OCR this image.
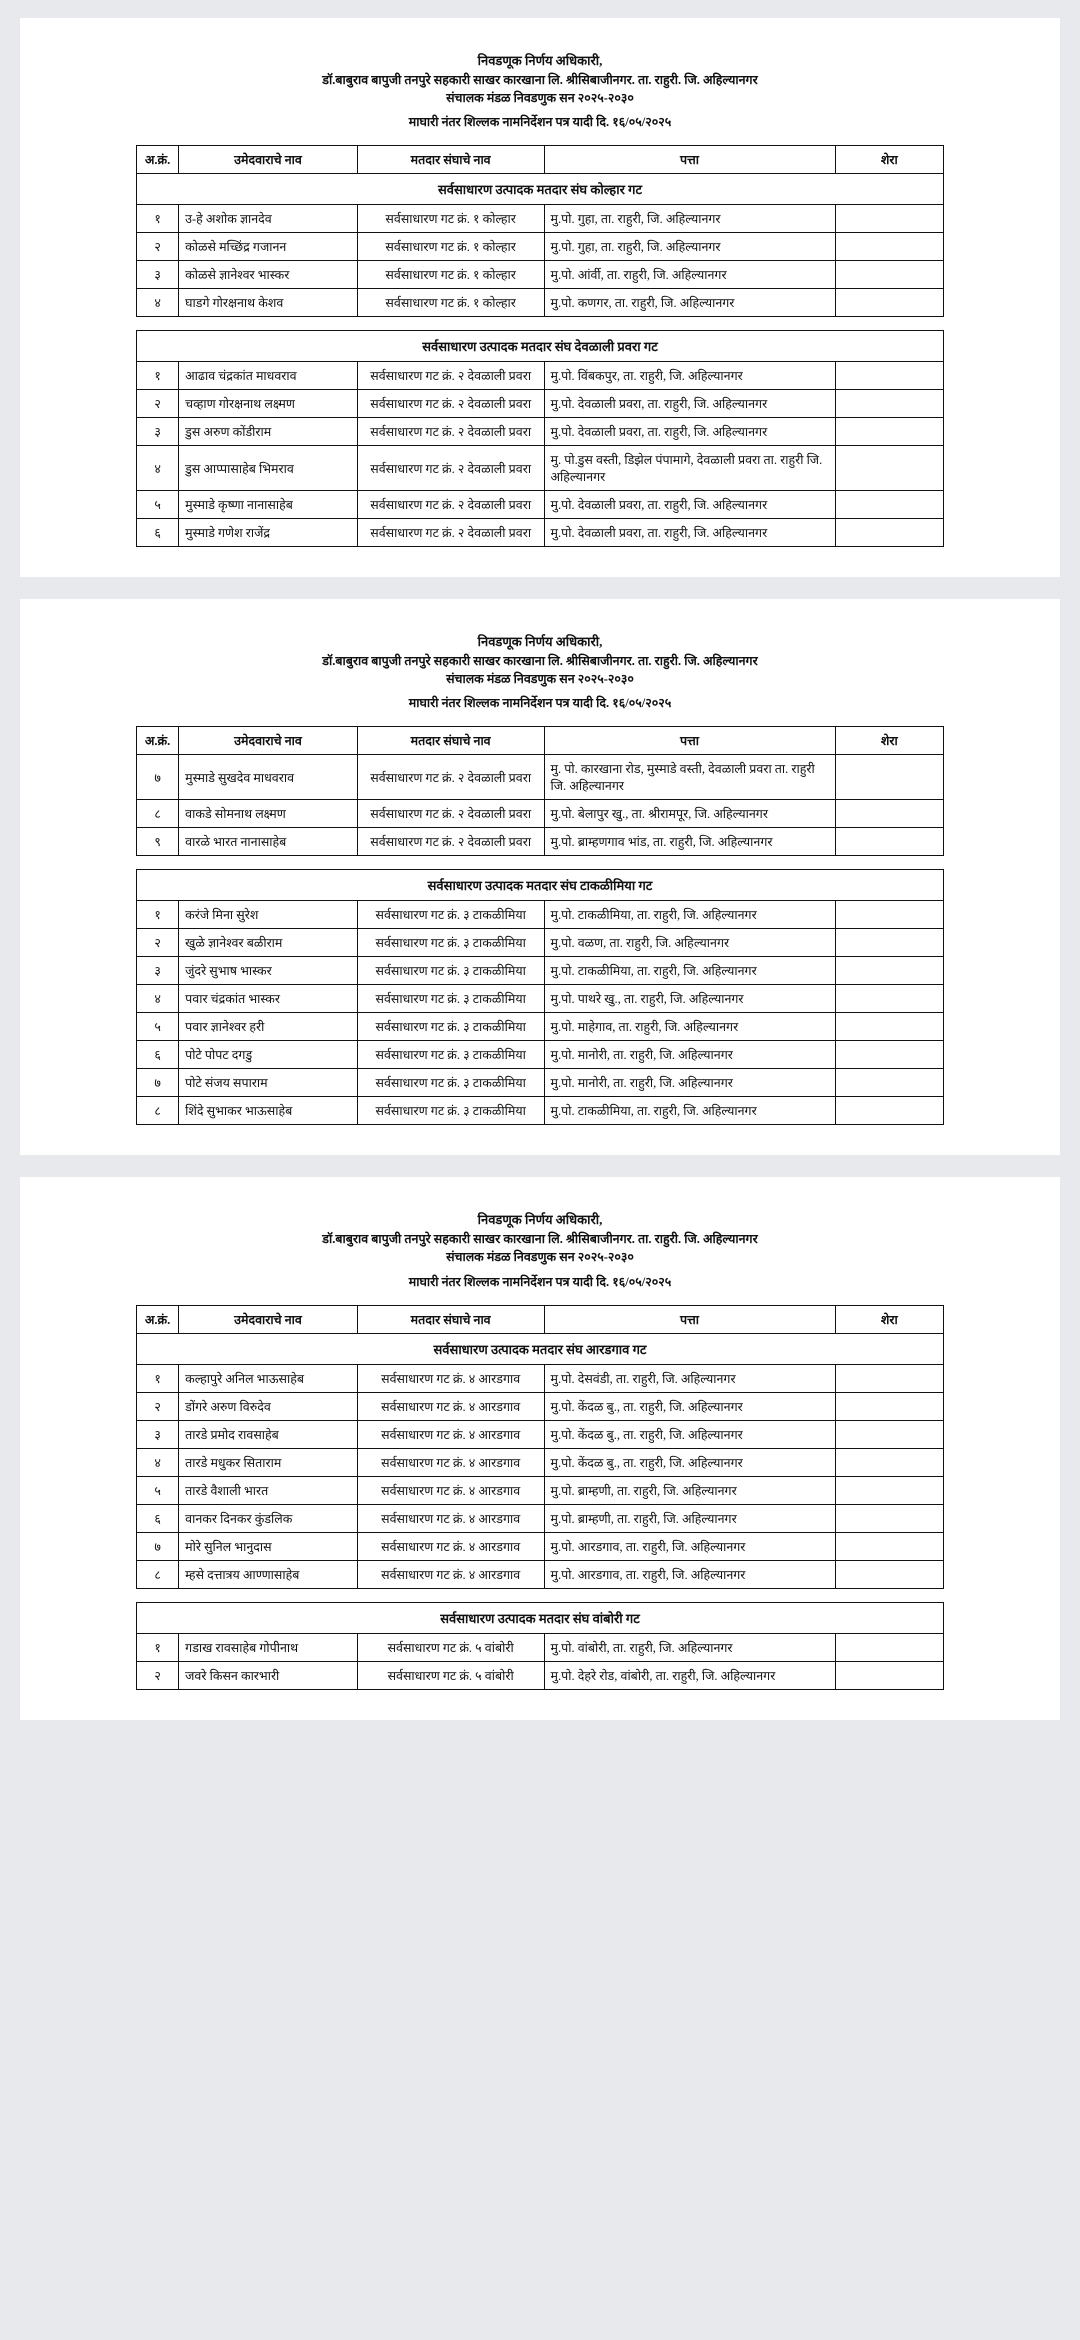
निवडणूक निर्णय अधिकारी,
डॉ.बाबुराव बापुजी तनपुरे सहकारी साखर कारखाना लि. श्रीसिबाजीनगर. ता. राहुरी. जि. अहिल्यानगर
संचालक मंडळ निवडणुक सन २०२५-२०३०
माघारी नंतर शिल्लक नामनिर्देशन पत्र यादी दि. १६/०५/२०२५
अ.क्रं.	उमेदवाराचे नाव	मतदार संघाचे नाव	पत्ता	शेरा
सर्वसाधारण उत्पादक मतदार संघ कोल्हार गट				
१	उ-हे अशोक ज्ञानदेव	सर्वसाधारण गट क्रं. १ कोल्हार	मु.पो. गुहा, ता. राहुरी, जि. अहिल्यानगर	
२	कोळसे मच्छिंद्र गजानन	सर्वसाधारण गट क्रं. १ कोल्हार	मु.पो. गुहा, ता. राहुरी, जि. अहिल्यानगर	
३	कोळसे ज्ञानेश्वर भास्कर	सर्वसाधारण गट क्रं. १ कोल्हार	मु.पो. आंर्वी, ता. राहुरी, जि. अहिल्यानगर	
४	घाडगे गोरक्षनाथ केशव	सर्वसाधारण गट क्रं. १ कोल्हार	मु.पो. कणगर, ता. राहुरी, जि. अहिल्यानगर	

सर्वसाधारण उत्पादक मतदार संघ देवळाली प्रवरा गट				
१	आढाव चंद्रकांत माधवराव	सर्वसाधारण गट क्रं. २ देवळाली प्रवरा	मु.पो. विंबकपुर, ता. राहुरी, जि. अहिल्यानगर	
२	चव्हाण गोरक्षनाथ लक्ष्मण	सर्वसाधारण गट क्रं. २ देवळाली प्रवरा	मु.पो. देवळाली प्रवरा, ता. राहुरी, जि. अहिल्यानगर	
३	डुस अरुण कोंडीराम	सर्वसाधारण गट क्रं. २ देवळाली प्रवरा	मु.पो. देवळाली प्रवरा, ता. राहुरी, जि. अहिल्यानगर	
४	डुस आप्पासाहेब भिमराव	सर्वसाधारण गट क्रं. २ देवळाली प्रवरा	मु. पो.डुस वस्ती, डिझेल पंपामागे, देवळाली प्रवरा ता. राहुरी जि. अहिल्यानगर	
५	मुस्माडे कृष्णा नानासाहेब	सर्वसाधारण गट क्रं. २ देवळाली प्रवरा	मु.पो. देवळाली प्रवरा, ता. राहुरी, जि. अहिल्यानगर	
६	मुस्माडे गणेश राजेंद्र	सर्वसाधारण गट क्रं. २ देवळाली प्रवरा	मु.पो. देवळाली प्रवरा, ता. राहुरी, जि. अहिल्यानगर	
निवडणूक निर्णय अधिकारी,
डॉ.बाबुराव बापुजी तनपुरे सहकारी साखर कारखाना लि. श्रीसिबाजीनगर. ता. राहुरी. जि. अहिल्यानगर
संचालक मंडळ निवडणुक सन २०२५-२०३०
माघारी नंतर शिल्लक नामनिर्देशन पत्र यादी दि. १६/०५/२०२५
अ.क्रं.	उमेदवाराचे नाव	मतदार संघाचे नाव	पत्ता	शेरा
७	मुस्माडे सुखदेव माधवराव	सर्वसाधारण गट क्रं. २ देवळाली प्रवरा	मु. पो. कारखाना रोड, मुस्माडे वस्ती, देवळाली प्रवरा ता. राहुरी जि. अहिल्यानगर	
८	वाकडे सोमनाथ लक्ष्मण	सर्वसाधारण गट क्रं. २ देवळाली प्रवरा	मु.पो. बेलापुर खु., ता. श्रीरामपूर, जि. अहिल्यानगर	
९	वारळे भारत नानासाहेब	सर्वसाधारण गट क्रं. २ देवळाली प्रवरा	मु.पो. ब्राम्हणगाव भांड, ता. राहुरी, जि. अहिल्यानगर	

सर्वसाधारण उत्पादक मतदार संघ टाकळीमिया गट				
१	करंजे मिना सुरेश	सर्वसाधारण गट क्रं. ३ टाकळीमिया	मु.पो. टाकळीमिया, ता. राहुरी, जि. अहिल्यानगर	
२	खुळे ज्ञानेश्वर बळीराम	सर्वसाधारण गट क्रं. ३ टाकळीमिया	मु.पो. वळण, ता. राहुरी, जि. अहिल्यानगर	
३	जुंदरे सुभाष भास्कर	सर्वसाधारण गट क्रं. ३ टाकळीमिया	मु.पो. टाकळीमिया, ता. राहुरी, जि. अहिल्यानगर	
४	पवार चंद्रकांत भास्कर	सर्वसाधारण गट क्रं. ३ टाकळीमिया	मु.पो. पाथरे खु., ता. राहुरी, जि. अहिल्यानगर	
५	पवार ज्ञानेश्वर हरी	सर्वसाधारण गट क्रं. ३ टाकळीमिया	मु.पो. माहेगाव, ता. राहुरी, जि. अहिल्यानगर	
६	पोटे पोपट दगडु	सर्वसाधारण गट क्रं. ३ टाकळीमिया	मु.पो. मानोरी, ता. राहुरी, जि. अहिल्यानगर	
७	पोटे संजय सपाराम	सर्वसाधारण गट क्रं. ३ टाकळीमिया	मु.पो. मानोरी, ता. राहुरी, जि. अहिल्यानगर	
८	शिंदे सुभाकर भाऊसाहेब	सर्वसाधारण गट क्रं. ३ टाकळीमिया	मु.पो. टाकळीमिया, ता. राहुरी, जि. अहिल्यानगर	
निवडणूक निर्णय अधिकारी,
डॉ.बाबुराव बापुजी तनपुरे सहकारी साखर कारखाना लि. श्रीसिबाजीनगर. ता. राहुरी. जि. अहिल्यानगर
संचालक मंडळ निवडणुक सन २०२५-२०३०
माघारी नंतर शिल्लक नामनिर्देशन पत्र यादी दि. १६/०५/२०२५
अ.क्रं.	उमेदवाराचे नाव	मतदार संघाचे नाव	पत्ता	शेरा
सर्वसाधारण उत्पादक मतदार संघ आरडगाव गट				
१	कल्हापुरे अनिल भाऊसाहेब	सर्वसाधारण गट क्रं. ४ आरडगाव	मु.पो. देसवंडी, ता. राहुरी, जि. अहिल्यानगर	
२	डोंगरे अरुण विरुदेव	सर्वसाधारण गट क्रं. ४ आरडगाव	मु.पो. केंदळ बु., ता. राहुरी, जि. अहिल्यानगर	
३	तारडे प्रमोद रावसाहेब	सर्वसाधारण गट क्रं. ४ आरडगाव	मु.पो. केंदळ बु., ता. राहुरी, जि. अहिल्यानगर	
४	तारडे मधुकर सिताराम	सर्वसाधारण गट क्रं. ४ आरडगाव	मु.पो. केंदळ बु., ता. राहुरी, जि. अहिल्यानगर	
५	तारडे वैशाली भारत	सर्वसाधारण गट क्रं. ४ आरडगाव	मु.पो. ब्राम्हणी, ता. राहुरी, जि. अहिल्यानगर	
६	वानकर दिनकर कुंडलिक	सर्वसाधारण गट क्रं. ४ आरडगाव	मु.पो. ब्राम्हणी, ता. राहुरी, जि. अहिल्यानगर	
७	मोरे सुनिल भानुदास	सर्वसाधारण गट क्रं. ४ आरडगाव	मु.पो. आरडगाव, ता. राहुरी, जि. अहिल्यानगर	
८	म्हसे दत्तात्रय आण्णासाहेब	सर्वसाधारण गट क्रं. ४ आरडगाव	मु.पो. आरडगाव, ता. राहुरी, जि. अहिल्यानगर	

सर्वसाधारण उत्पादक मतदार संघ वांबोरी गट				
१	गडाख रावसाहेब गोपीनाथ	सर्वसाधारण गट क्रं. ५ वांबोरी	मु.पो. वांबोरी, ता. राहुरी, जि. अहिल्यानगर	
२	जवरे किसन कारभारी	सर्वसाधारण गट क्रं. ५ वांबोरी	मु.पो. देहरे रोड, वांबोरी, ता. राहुरी, जि. अहिल्यानगर	
